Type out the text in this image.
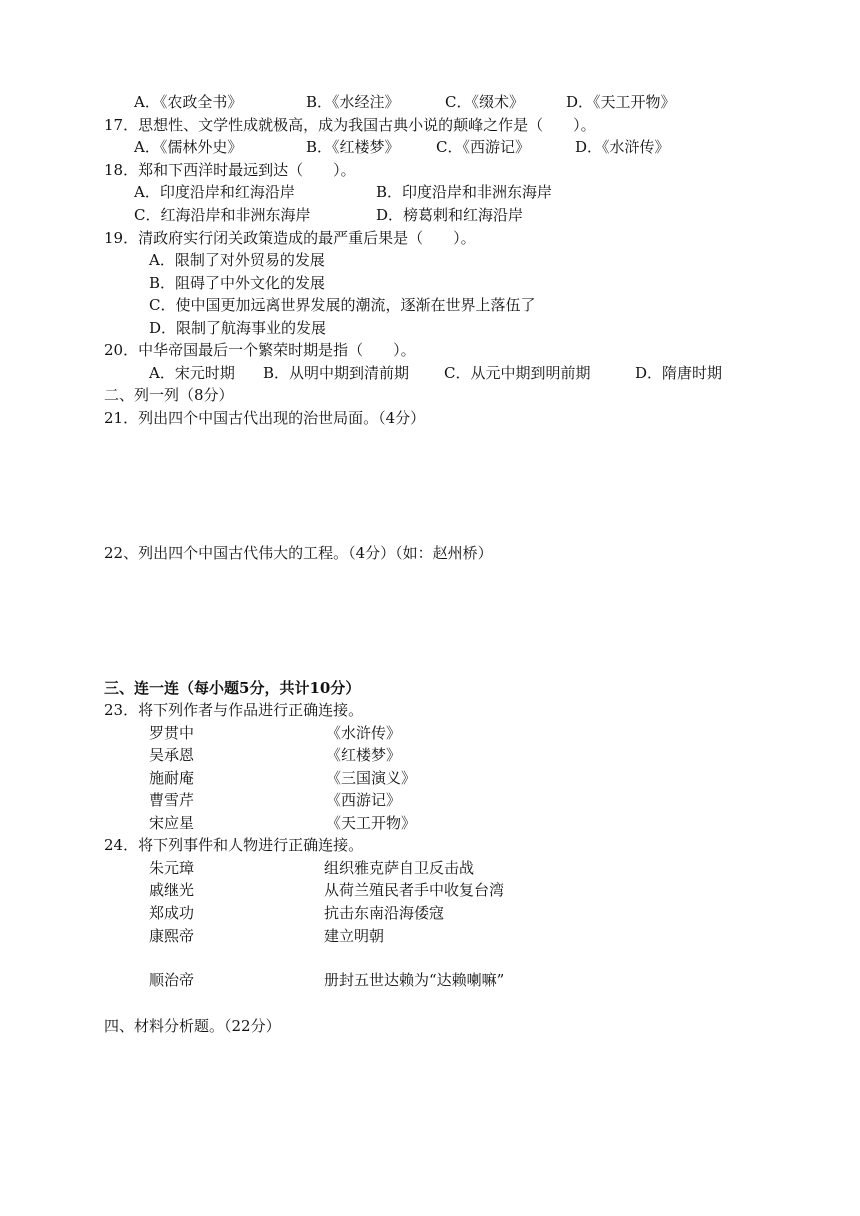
A．《农政全书》	B．《水经注》	C．《缀术》	D．《天工开物》
17．思想性、文学性成就极高，成为我国古典小说的颠峰之作是（　　）。
A．《儒林外史》	B．《红楼梦》 C．《西游记》	D．《水浒传》
18．郑和下西洋时最远到达（　　）。
A．印度沿岸和红海沿岸	B．印度沿岸和非洲东海岸
C．红海沿岸和非洲东海岸	D．榜葛剌和红海沿岸
19．清政府实行闭关政策造成的最严重后果是（　　）。
A．限制了对外贸易的发展
B．阻碍了中外文化的发展
C．使中国更加远离世界发展的潮流，逐渐在世界上落伍了
D．限制了航海事业的发展
20．中华帝国最后一个繁荣时期是指（　　）。
A．宋元时期 B．从明中期到清前期 C．从元中期到明前期	D．隋唐时期
二、列一列（8分）
21．列出四个中国古代出现的治世局面。（4分）
22、列出四个中国古代伟大的工程。（4分）（如：赵州桥）
三、连一连（每小题5分，共计10分）
23．将下列作者与作品进行正确连接。
罗贯中	《水浒传》
吴承恩	《红楼梦》
施耐庵	《三国演义》
曹雪芹	《西游记》
宋应星	《天工开物》
24．将下列事件和人物进行正确连接。
朱元璋	组织雅克萨自卫反击战
戚继光	从荷兰殖民者手中收复台湾
郑成功	抗击东南沿海倭寇
康熙帝	建立明朝
顺治帝	册封五世达赖为“达赖喇嘛”
四、材料分析题。（22分）
